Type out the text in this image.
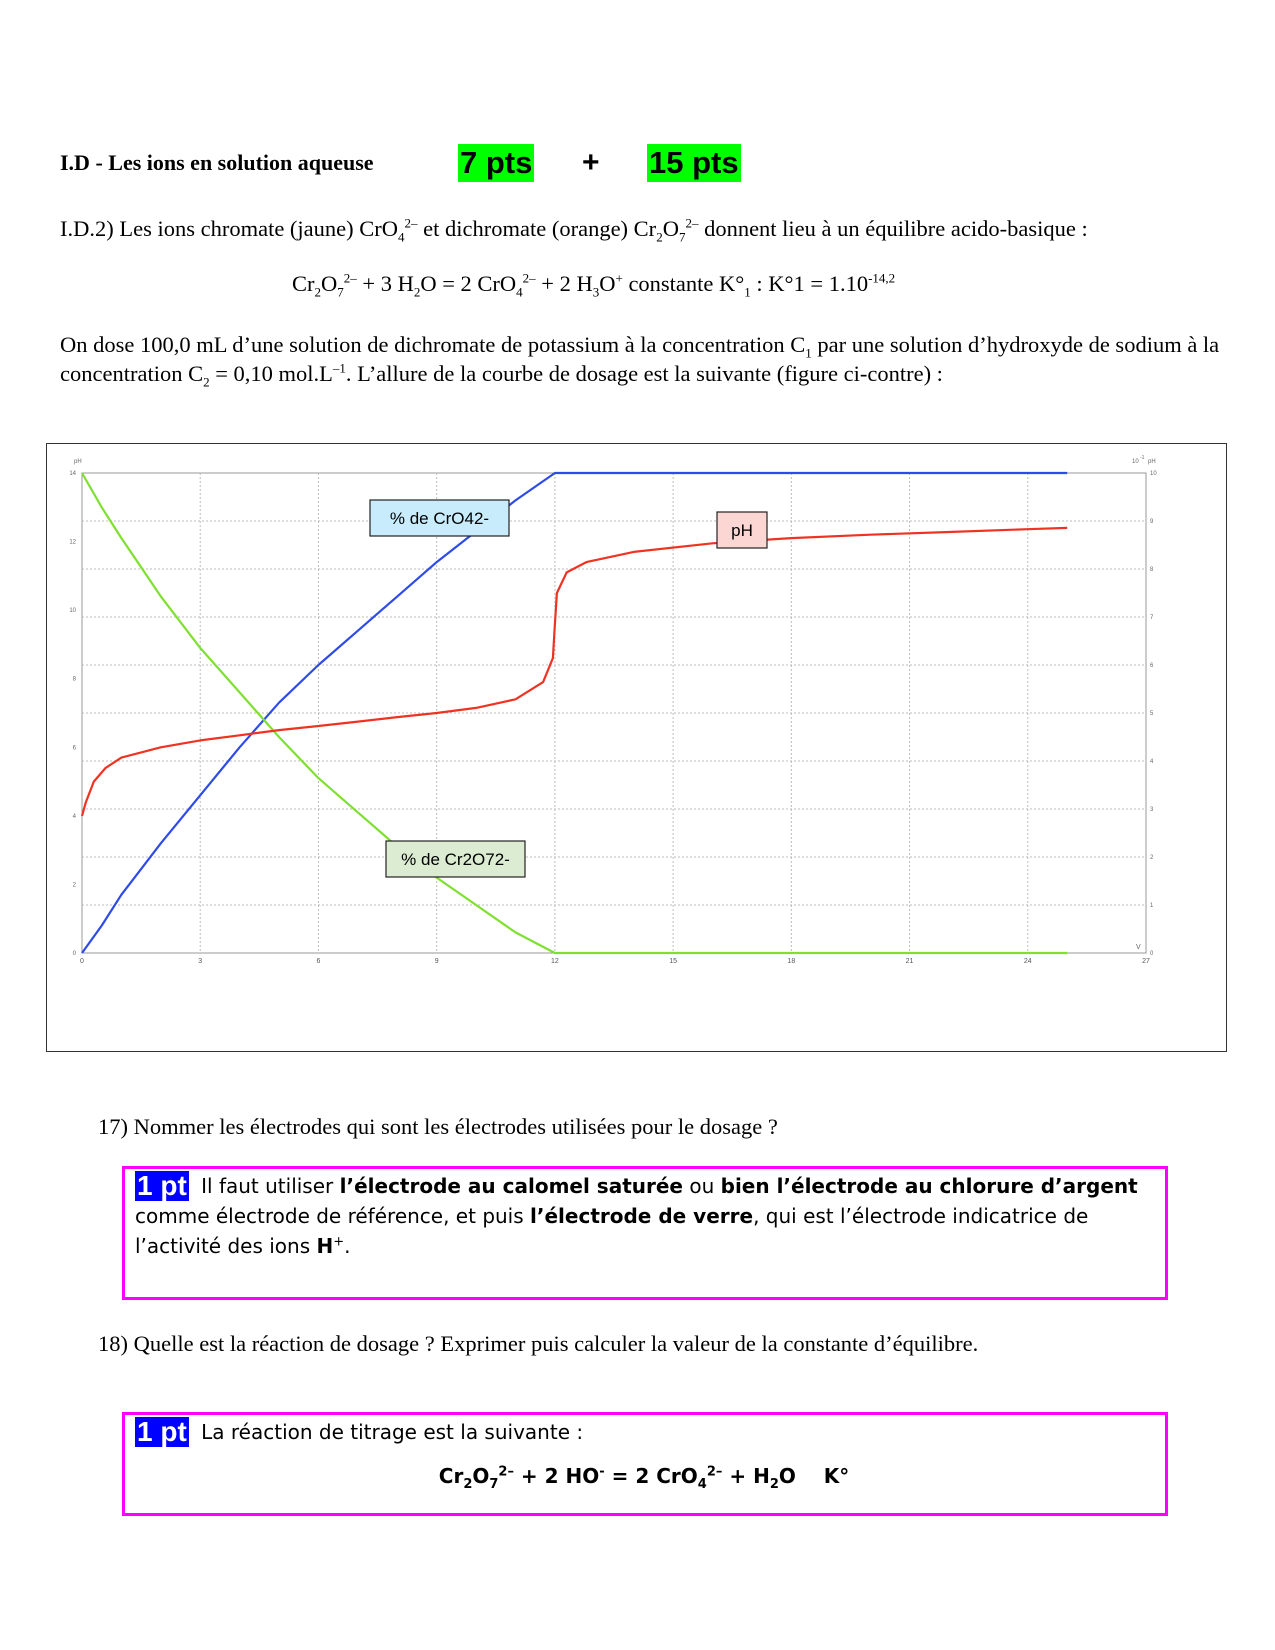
I.D - Les ions en solution aqueuse	7 pts + 15 pts
I.D.2) Les ions chromate (jaune) CrO$_4^{2-}$ et dichromate (orange) $Cr_2O_7^{2-}$ donnent lieu à un équilibre acido-basique :
$Cr_2O_7^{2-} + 3$ $H_2O = 2$ CrO$_4^{2-}$ + 2 $H_3O^+$ constante $K^\circ_1$ : $K^\circ 1 = 1.10^{-14,2}$
On dose 100,0 mL d’une solution de dichromate de potassium à la concentration $C_1$ par une solution d’hydroxyde de sodium à la concentration $C_2 = 0,10$ $mol.L^{-1}$. L’allure de la courbe de dosage est la suivante (figure ci-contre) :
0	3	6	9	12	15	18	21	24	27
0
2
4
6
8
10
12
14
0
1
2
3
4
5
6
7
8
9
10
pH	10
-1
pH
V
% de CrO42-
% de Cr2O72-
pH
17) Nommer les électrodes qui sont les électrodes utilisées pour le dosage ?
1 pt Il faut utiliser l’électrode au calomel saturée ou bien l’électrode au chlorure d’argent comme électrode de référence, et puis l’électrode de verre, qui est l’électrode indicatrice de l’activité des ions H+.
18) Quelle est la réaction de dosage ? Exprimer puis calculer la valeur de la constante d’équilibre.
1 pt La réaction de titrage est la suivante :
$Cr_2O_7^{2-} + 2$ HO- = 2 $CrO_4^{2-} + H_2O$ K°
